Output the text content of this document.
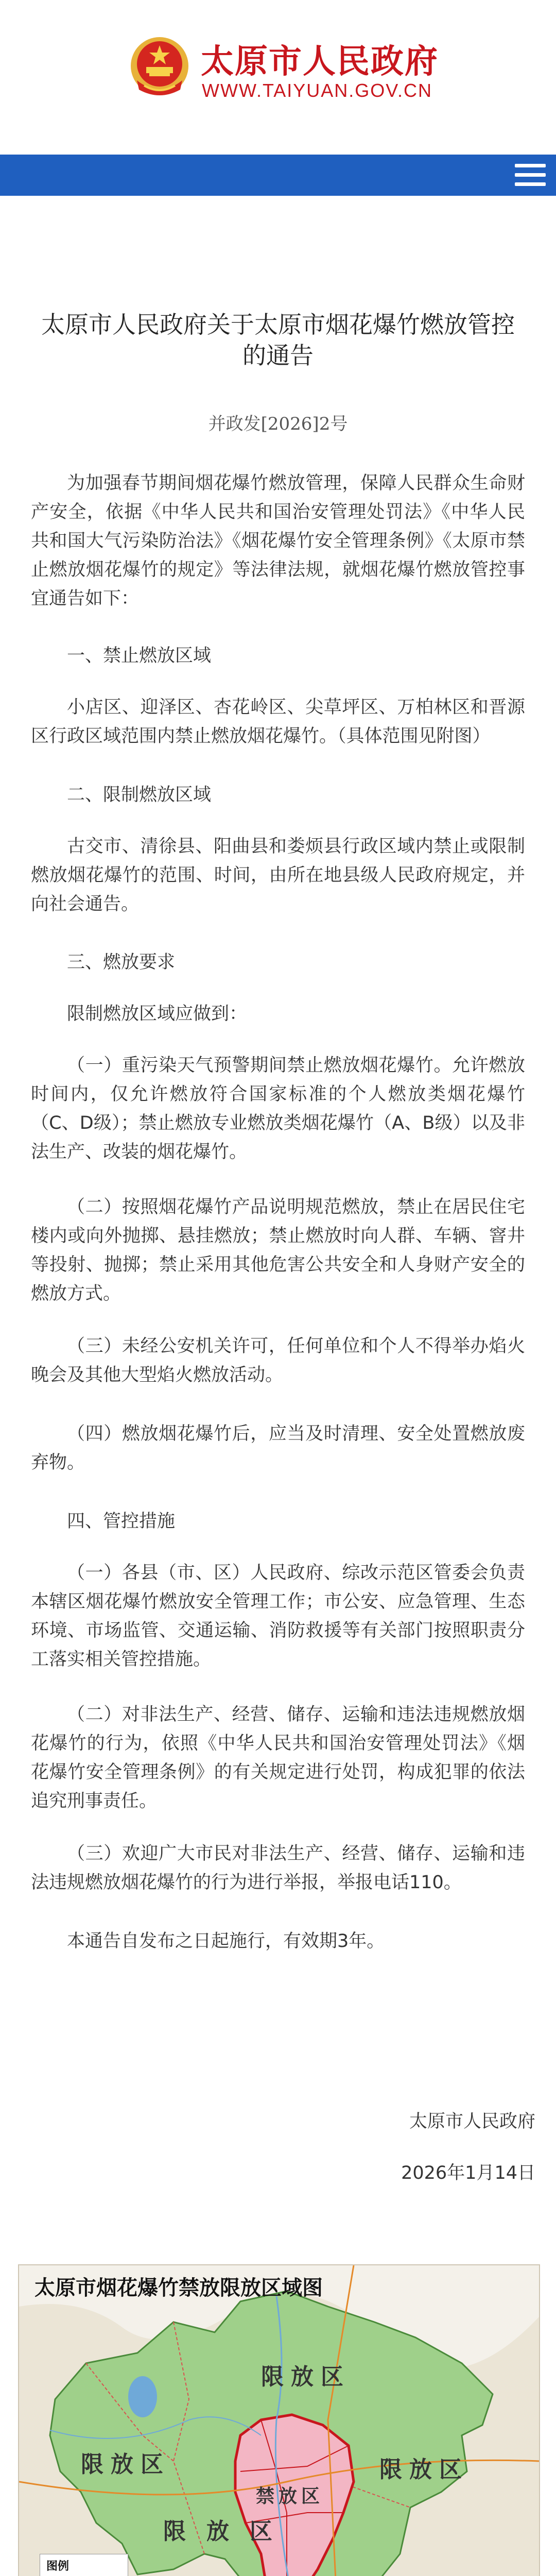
太原市人民政府
WWW.TAIYUAN.GOV.CN
太原市人民政府关于太原市烟花爆竹燃放管控的通告
并政发[2026]2号
为加强春节期间烟花爆竹燃放管理，保障人民群众生命财产安全，依据《中华人民共和国治安管理处罚法》《中华人民共和国大气污染防治法》《烟花爆竹安全管理条例》《太原市禁止燃放烟花爆竹的规定》等法律法规，就烟花爆竹燃放管控事宜通告如下：
一、禁止燃放区域
小店区、迎泽区、杏花岭区、尖草坪区、万柏林区和晋源区行政区域范围内禁止燃放烟花爆竹。（具体范围见附图）
二、限制燃放区域
古交市、清徐县、阳曲县和娄烦县行政区域内禁止或限制燃放烟花爆竹的范围、时间，由所在地县级人民政府规定，并向社会通告。
三、燃放要求
限制燃放区域应做到：
（一）重污染天气预警期间禁止燃放烟花爆竹。允许燃放时间内，仅允许燃放符合国家标准的个人燃放类烟花爆竹（C、D级）；禁止燃放专业燃放类烟花爆竹（A、B级）以及非法生产、改装的烟花爆竹。
（二）按照烟花爆竹产品说明规范燃放，禁止在居民住宅楼内或向外抛掷、悬挂燃放；禁止燃放时向人群、车辆、窨井等投射、抛掷；禁止采用其他危害公共安全和人身财产安全的燃放方式。
（三）未经公安机关许可，任何单位和个人不得举办焰火晚会及其他大型焰火燃放活动。
（四）燃放烟花爆竹后，应当及时清理、安全处置燃放废弃物。
四、管控措施
（一）各县（市、区）人民政府、综改示范区管委会负责本辖区烟花爆竹燃放安全管理工作；市公安、应急管理、生态环境、市场监管、交通运输、消防救援等有关部门按照职责分工落实相关管控措施。
（二）对非法生产、经营、储存、运输和违法违规燃放烟花爆竹的行为，依照《中华人民共和国治安管理处罚法》《烟花爆竹安全管理条例》的有关规定进行处罚，构成犯罪的依法追究刑事责任。
（三）欢迎广大市民对非法生产、经营、储存、运输和违法违规燃放烟花爆竹的行为进行举报，举报电话110。
本通告自发布之日起施行，有效期3年。
太原市人民政府
2026年1月14日
太原市烟花爆竹禁放限放区域图
限放区
限放区	限放区
限放区
禁放区
图例
